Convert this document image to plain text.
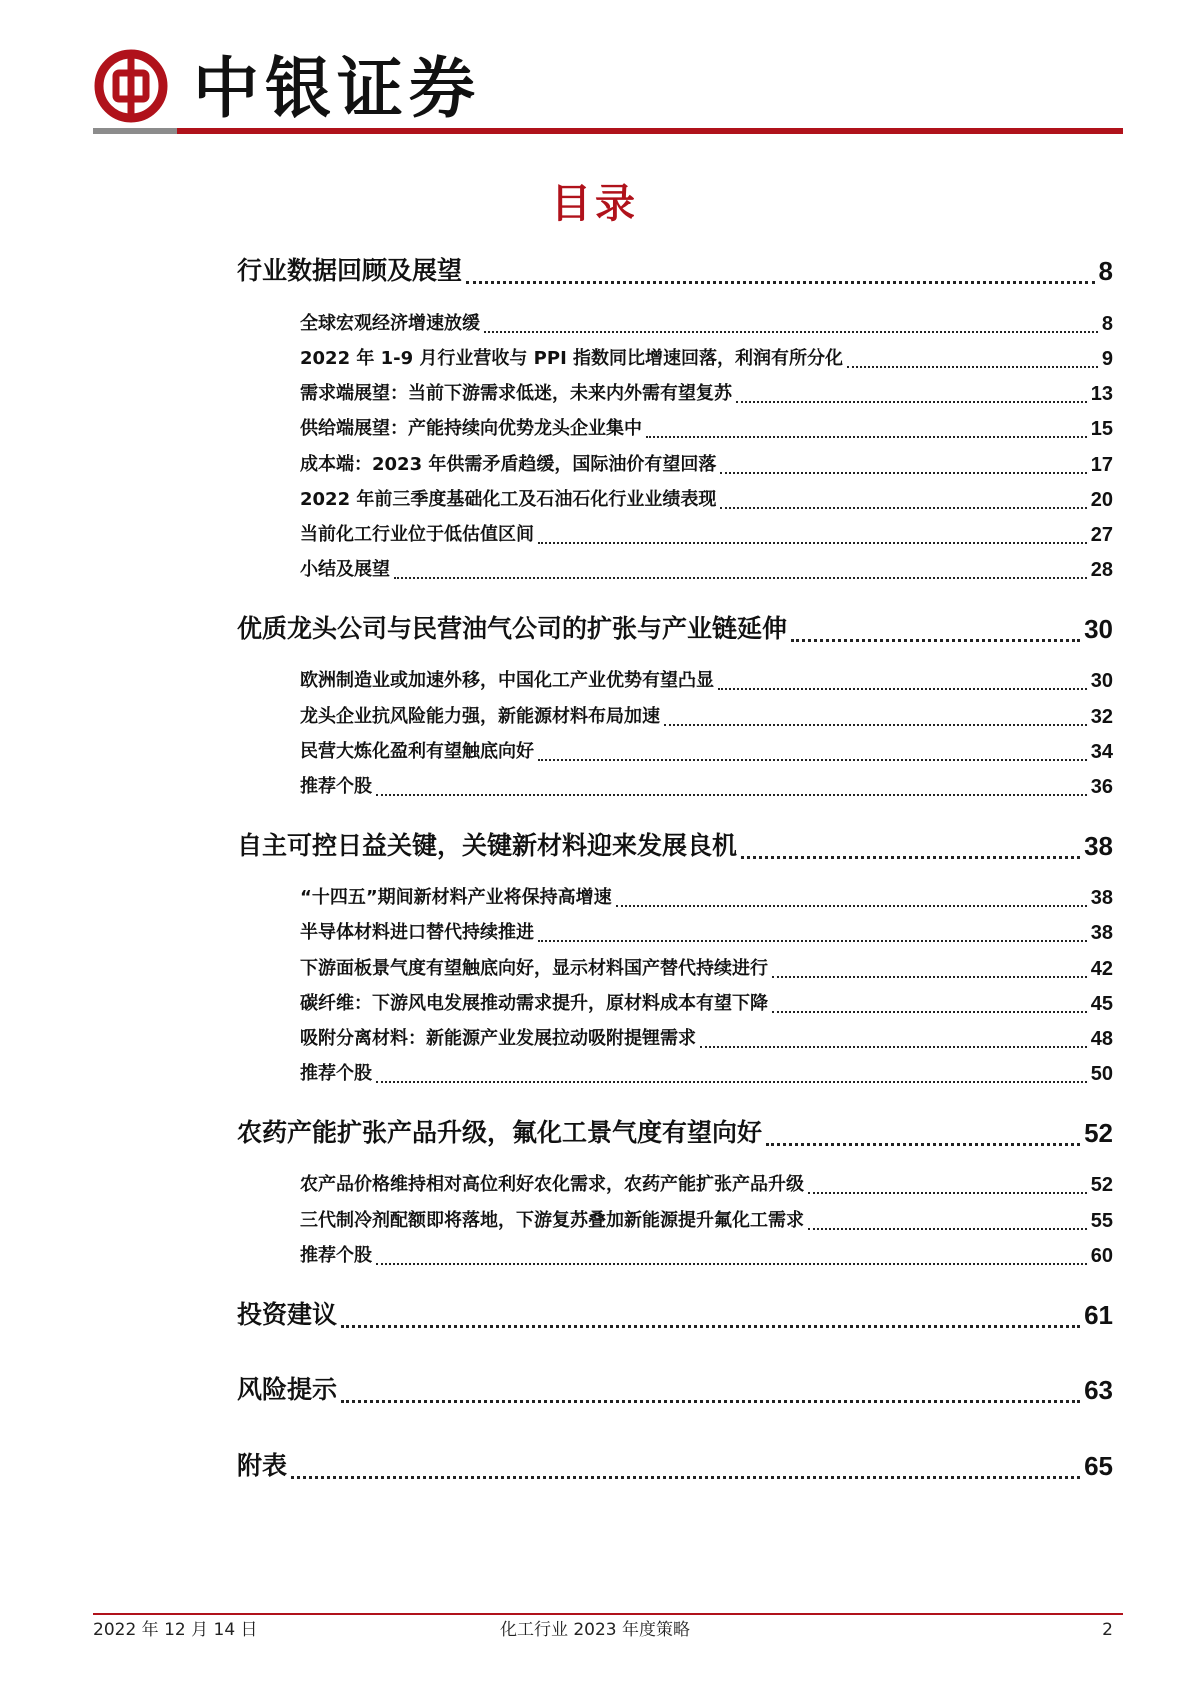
中银证券
目录
行业数据回顾及展望	8
全球宏观经济增速放缓	8
2022 年 1-9 月行业营收与 PPI 指数同比增速回落，利润有所分化	9
需求端展望：当前下游需求低迷，未来内外需有望复苏	13
供给端展望：产能持续向优势龙头企业集中	15
成本端：2023 年供需矛盾趋缓，国际油价有望回落	17
2022 年前三季度基础化工及石油石化行业业绩表现	20
当前化工行业位于低估值区间	27
小结及展望	28
优质龙头公司与民营油气公司的扩张与产业链延伸	30
欧洲制造业或加速外移，中国化工产业优势有望凸显	30
龙头企业抗风险能力强，新能源材料布局加速	32
民营大炼化盈利有望触底向好	34
推荐个股	36
自主可控日益关键，关键新材料迎来发展良机	38
“十四五”期间新材料产业将保持高增速	38
半导体材料进口替代持续推进	38
下游面板景气度有望触底向好，显示材料国产替代持续进行	42
碳纤维：下游风电发展推动需求提升，原材料成本有望下降	45
吸附分离材料：新能源产业发展拉动吸附提锂需求	48
推荐个股	50
农药产能扩张产品升级，氟化工景气度有望向好	52
农产品价格维持相对高位利好农化需求，农药产能扩张产品升级	52
三代制冷剂配额即将落地，下游复苏叠加新能源提升氟化工需求	55
推荐个股	60
投资建议	61
风险提示	63
附表	65
2022 年 12 月 14 日	化工行业 2023 年度策略	2
